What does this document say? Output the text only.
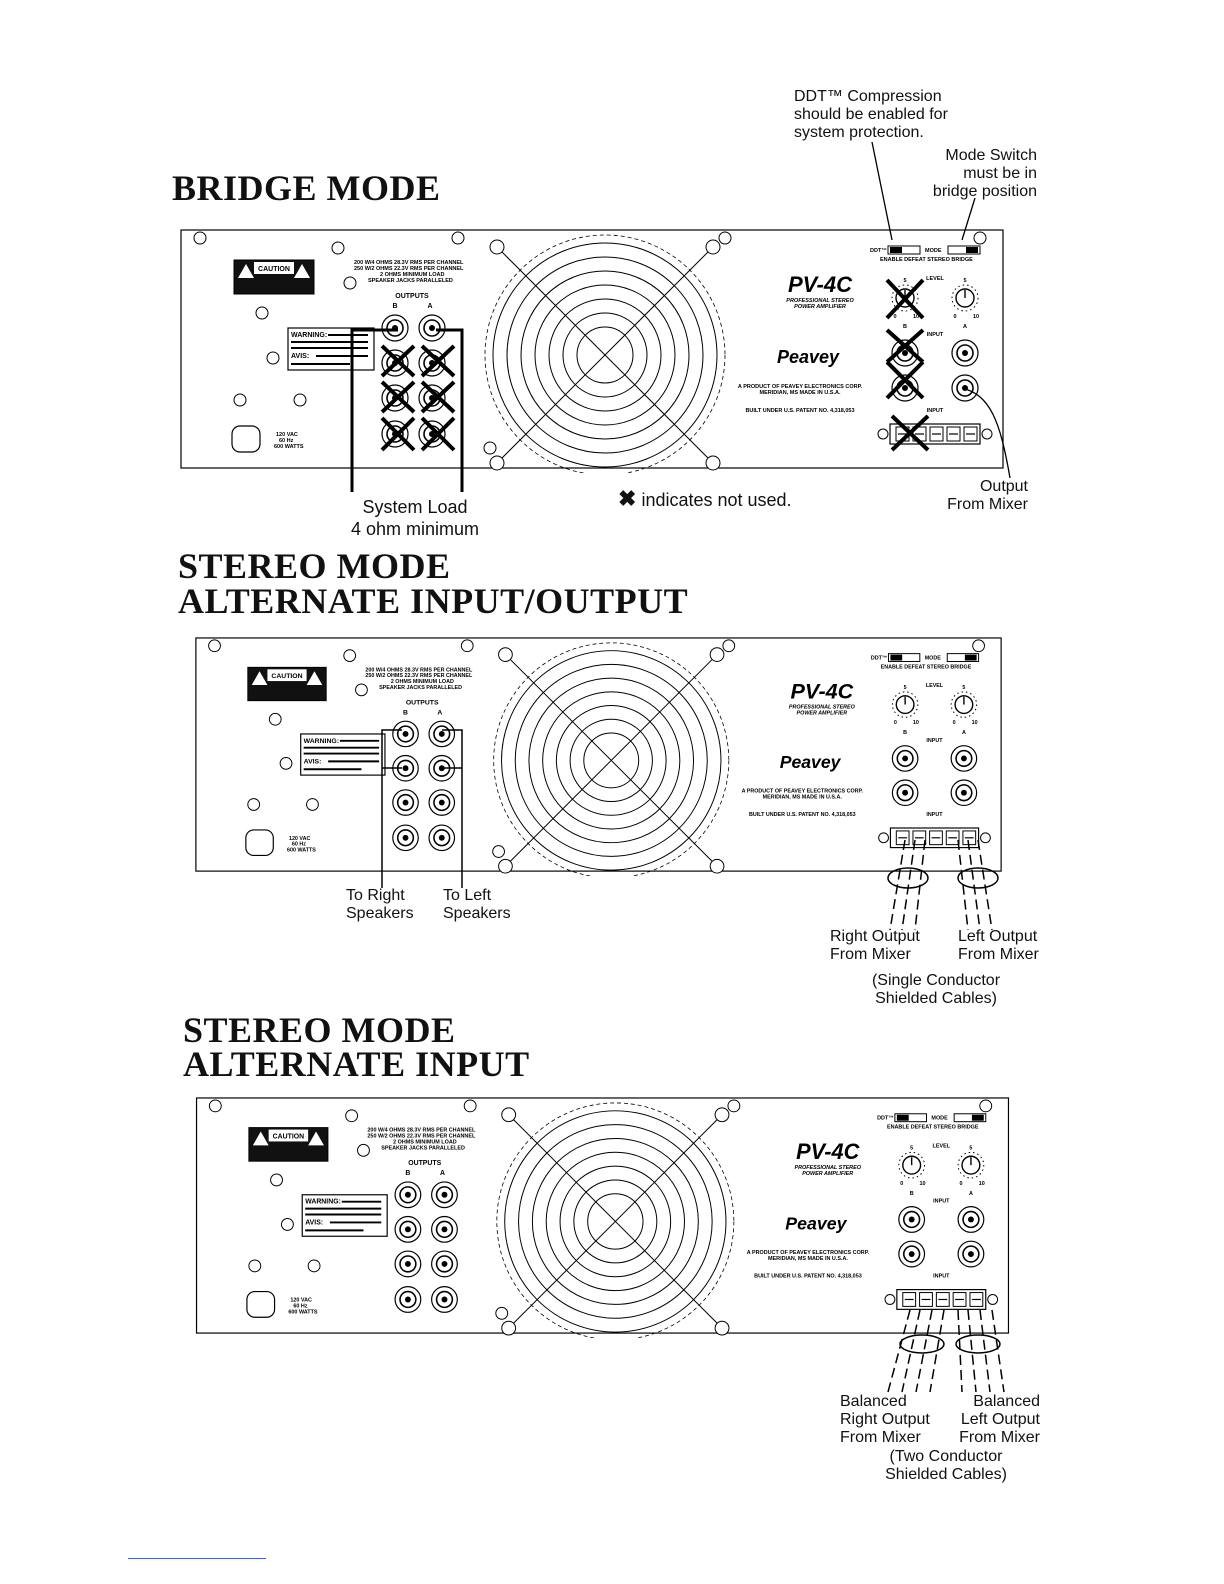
BRIDGE MODE
DDT™ Compression
should be enabled for
system protection.
Mode Switch
must be in
bridge position
CAUTION
WARNING:
AVIS:
120 VAC
60 Hz
600 WATTS
200 W/4 OHMS 28.3V RMS PER CHANNEL
250 W/2 OHMS 22.3V RMS PER CHANNEL
2 OHMS MINIMUM LOAD
SPEAKER JACKS PARALLELED
OUTPUTS
B	A
PV-4C
PROFESSIONAL STEREO
POWER AMPLIFIER
Peavey
A PRODUCT OF PEAVEY ELECTRONICS CORP.
MERIDIAN, MS MADE IN U.S.A.
BUILT UNDER U.S. PATENT NO. 4,318,053
DDT™	MODE
ENABLE DEFEAT STEREO BRIDGE
LEVEL
5
0	10
5
0	10
B	A
INPUT
INPUT
System Load
4 ohm minimum
✖ indicates not used.
Output
From Mixer
STEREO MODE
ALTERNATE INPUT/OUTPUT
CAUTION
WARNING:
AVIS:
120 VAC
60 Hz
600 WATTS
200 W/4 OHMS 28.3V RMS PER CHANNEL
250 W/2 OHMS 22.3V RMS PER CHANNEL
2 OHMS MINIMUM LOAD
SPEAKER JACKS PARALLELED
OUTPUTS
B	A
PV-4C
PROFESSIONAL STEREO
POWER AMPLIFIER
Peavey
A PRODUCT OF PEAVEY ELECTRONICS CORP.
MERIDIAN, MS MADE IN U.S.A.
BUILT UNDER U.S. PATENT NO. 4,318,053
DDT™	MODE
ENABLE DEFEAT STEREO BRIDGE
LEVEL
5
0	10
5
0	10
B	A
INPUT
INPUT
To Right
Speakers
To Left
Speakers
Right Output
From Mixer
Left Output
From Mixer
(Single Conductor
Shielded Cables)
STEREO MODE
ALTERNATE INPUT
CAUTION
WARNING:
AVIS:
120 VAC
60 Hz
600 WATTS
200 W/4 OHMS 28.3V RMS PER CHANNEL
250 W/2 OHMS 22.3V RMS PER CHANNEL
2 OHMS MINIMUM LOAD
SPEAKER JACKS PARALLELED
OUTPUTS
B	A
PV-4C
PROFESSIONAL STEREO
POWER AMPLIFIER
Peavey
A PRODUCT OF PEAVEY ELECTRONICS CORP.
MERIDIAN, MS MADE IN U.S.A.
BUILT UNDER U.S. PATENT NO. 4,318,053
DDT™	MODE
ENABLE DEFEAT STEREO BRIDGE
LEVEL
5
0	10
5
0	10
B	A
INPUT
INPUT
Balanced
Right Output
From Mixer
Balanced
Left Output
From Mixer
(Two Conductor
Shielded Cables)
